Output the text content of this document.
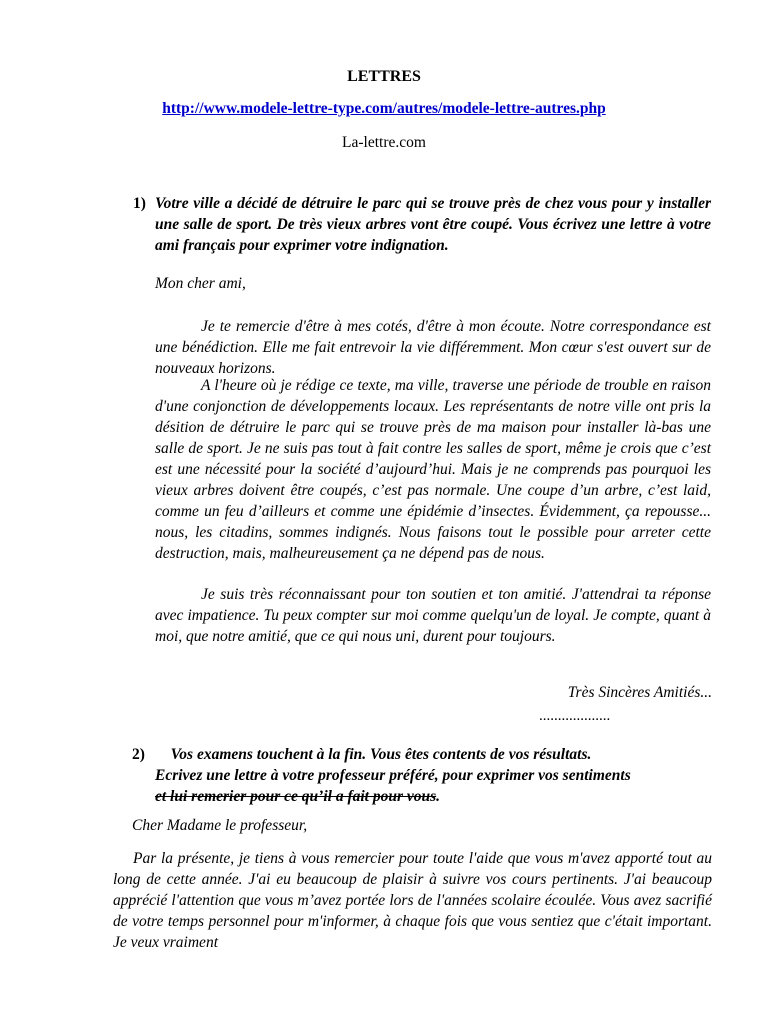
LETTRES
http://www.modele-lettre-type.com/autres/modele-lettre-autres.php
La-lettre.com
1) Votre ville a décidé de détruire le parc qui se trouve près de chez vous pour y installer une salle de sport. De très vieux arbres vont être coupé. Vous écrivez une lettre à votre ami français pour exprimer votre indignation.
Mon cher ami,
Je te remercie d'être à mes cotés, d'être à mon écoute. Notre correspondance est une bénédiction. Elle me fait entrevoir la vie différemment. Mon cœur s'est ouvert sur de nouveaux horizons.
A l'heure où je rédige ce texte, ma ville, traverse une période de trouble en raison d'une conjonction de développements locaux. Les représentants de notre ville ont pris la désition de détruire le parc qui se trouve près de ma maison pour installer là-bas une salle de sport. Je ne suis pas tout à fait contre les salles de sport, même je crois que c’est est une nécessité pour la société d’aujourd’hui. Mais je ne comprends pas pourquoi les vieux arbres doivent être coupés, c’est pas normale. Une coupe d’un arbre, c’est laid, comme un feu d’ailleurs et comme une épidémie d’insectes. Évidemment, ça repousse... nous, les citadins, sommes indignés. Nous faisons tout le possible pour arreter cette destruction, mais, malheureusement ça ne dépend pas de nous.
Je suis très réconnaissant pour ton soutien et ton amitié. J'attendrai ta réponse avec impatience. Tu peux compter sur moi comme quelqu'un de loyal. Je compte, quant à moi, que notre amitié, que ce qui nous uni, durent pour toujours.
Très Sincères Amitiés...
...................
2) Vos examens touchent à la fin. Vous êtes contents de vos résultats.
Ecrivez une lettre à votre professeur préféré, pour exprimer vos sentiments
et lui remerier pour ce qu’il a fait pour vous.
Cher Madame le professeur,
Par la présente, je tiens à vous remercier pour toute l'aide que vous m'avez apporté tout au long de cette année. J'ai eu beaucoup de plaisir à suivre vos cours pertinents. J'ai beaucoup apprécié l'attention que vous m’avez portée lors de l'années scolaire écoulée. Vous avez sacrifié de votre temps personnel pour m'informer, à chaque fois que vous sentiez que c'était important. Je veux vraiment
